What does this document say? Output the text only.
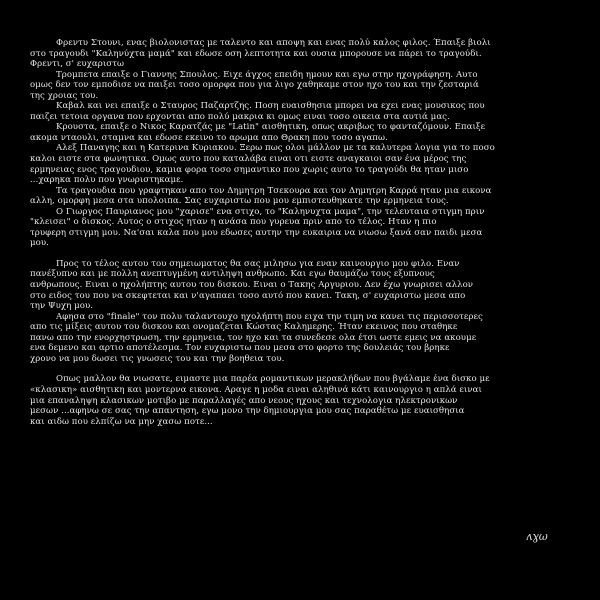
Φρεντυ Στουνι, ενας βιολονιστας με ταλεντο και αποψη και ενας πολύ καλος φιλος. Έπαιξε βιολι
στο τραγουδι "Καληνύχτα μαμά" και εδωσε οση λεπτοτητα και ουσια μπορουσε να πάρει το τραγούδι.
Φρεντι, σ' ευχαριστω
Τρομπετα επαιξε ο Γιαννης Σπουλος. Ειχε άγχος επειδη ημουν και εγω στην ηχογράφηση. Αυτο
ομως δεν τον εμποδισε να παιξει τοσο ομορφα που για λιγο χαθηκαμε στον ηχο του και την ζεσταριά
της χροιας του.
Καβαλ και νει επαιξε ο Σταυρος Παζαρτζης. Ποση ευαισθησια μπορει να εχει ενας μουσικος που
παιζει τετοια οργανα που ερχονται απο πολύ μακρια κι ομως ειναι τοσο οικεια στα αυτιά μας.
Κρουστα, επαιξε ο Νικος Καρατζάς με "Latin" αισθητικη, οπως ακριβως το φανταζόμουν. Επαιξε
ακομα νταουλι, σταμνα και εδωσε εκεινο το αρωμα απο Θρακη που τοσο αγαπω.
Αλεξ Παναγης και η Κατερινα Κυριακου. Ξερω πως ολοι μάλλον με τα καλυτερα λογια για το ποσο
καλοι ειστε στα φωνητικα. Ομως αυτο που καταλάβα ειναι οτι ειστε αναγκαιοι σαν ένα μέρος της
ερμηνειας ενος τραγουδιου, καμια φορα τοσο σημαντικο που χωρις αυτο το τραγούδι θα ηταν μισο
...χαρηκα πολυ που γνωριστηκαμε.
Τα τραγουδια που γραφτηκαν απο τον Δημητρη Τσεκουρα και τον Δημητρη Καρρά ηταν μια εικονα
αλλη, ομορφη μεσα στα υπολοιπα. Σας ευχαριστω που μου εμπιστευθηκατε την ερμηνεια τους.
Ο Γιωργος Παυριανος μου "χαρισε" ενα στιχο, το "Καληνυχτα μαμα", την τελευταια στιγμη πριν
"κλεισει" ο δισκος. Αυτος ο στιχος ηταν η ανάσα που γυρευα πριν απο το τέλος. Ηταν η πιο
τρυφερη στιγμη μου. Να'σαι καλα που μου εδωσες αυτην την ευκαιρια να νιωσω ξανά σαν παιδι μεσα
μου.
Προς το τέλος αυτου του σημειωματος θα σας μιλησω για εναν καινουργιο μου φιλο. Εναν
πανέξυπνο και με πολλη ανεπτυγμένη αντιληψη ανθρωπο. Και εγω θαυμάζω τους εξυπνους
ανθρωπους. Ειναι ο ηχολήπτης αυτου του δισκου. Ειναι ο Τακης Αργυριου. Δεν έχω γνωρισει αλλον
στο ειδος του που να σκεφτεται και ν'αγαπαει τοσο αυτό που κανει. Τακη, σ' ευχαριστω μεσα απο
την Ψυχη μου.
Αφησα στο "finale" τον πολυ ταλαντουχο ηχολήπτη που ειχα την τιμη να κανει τις περισσοτερες
απο τις μίξεις αυτου του δισκου και ονομαζεται Κώστας Καλημερης. Ήταν εκεινος που σταθηκε
πανω απο την ενορχηστρωση, την ερμηνεια, τον ηχο και τα συνεδεσε ολα έτσι ωστε εμεις να ακουμε
ενα δεμενο και αρτιο αποτέλεσμα. Τον ευχαριστω που μεσα στο φορτο της δουλειάς του βρηκε
χρονο να μου δωσει τις γνωσεις του και την βοηθεια του.
Οπως μαλλον θα νιωσατε, ειμαστε μια παρέα ρομαντικων μερακλήδων που βγάλαμε ένα δισκο με
«κλασικη» αισθητικη και μοντερνα εικονα. Αραγε η μοδα ειναι αληθινά κάτι καινουργιο η απλά ειναι
μια επαναληψη κλασικων μοτιβο με παραλλαγές απο νεους ηχους και τεχνολογια ηλεκτρονικων
μεσων ...αφηνω σε σας την απαντηση, εγω μονο την δημιουργια μου σας παραθέτω με ευαισθησια
και αιδω που ελπίζω να μην χασω ποτε...
ʌɣω
